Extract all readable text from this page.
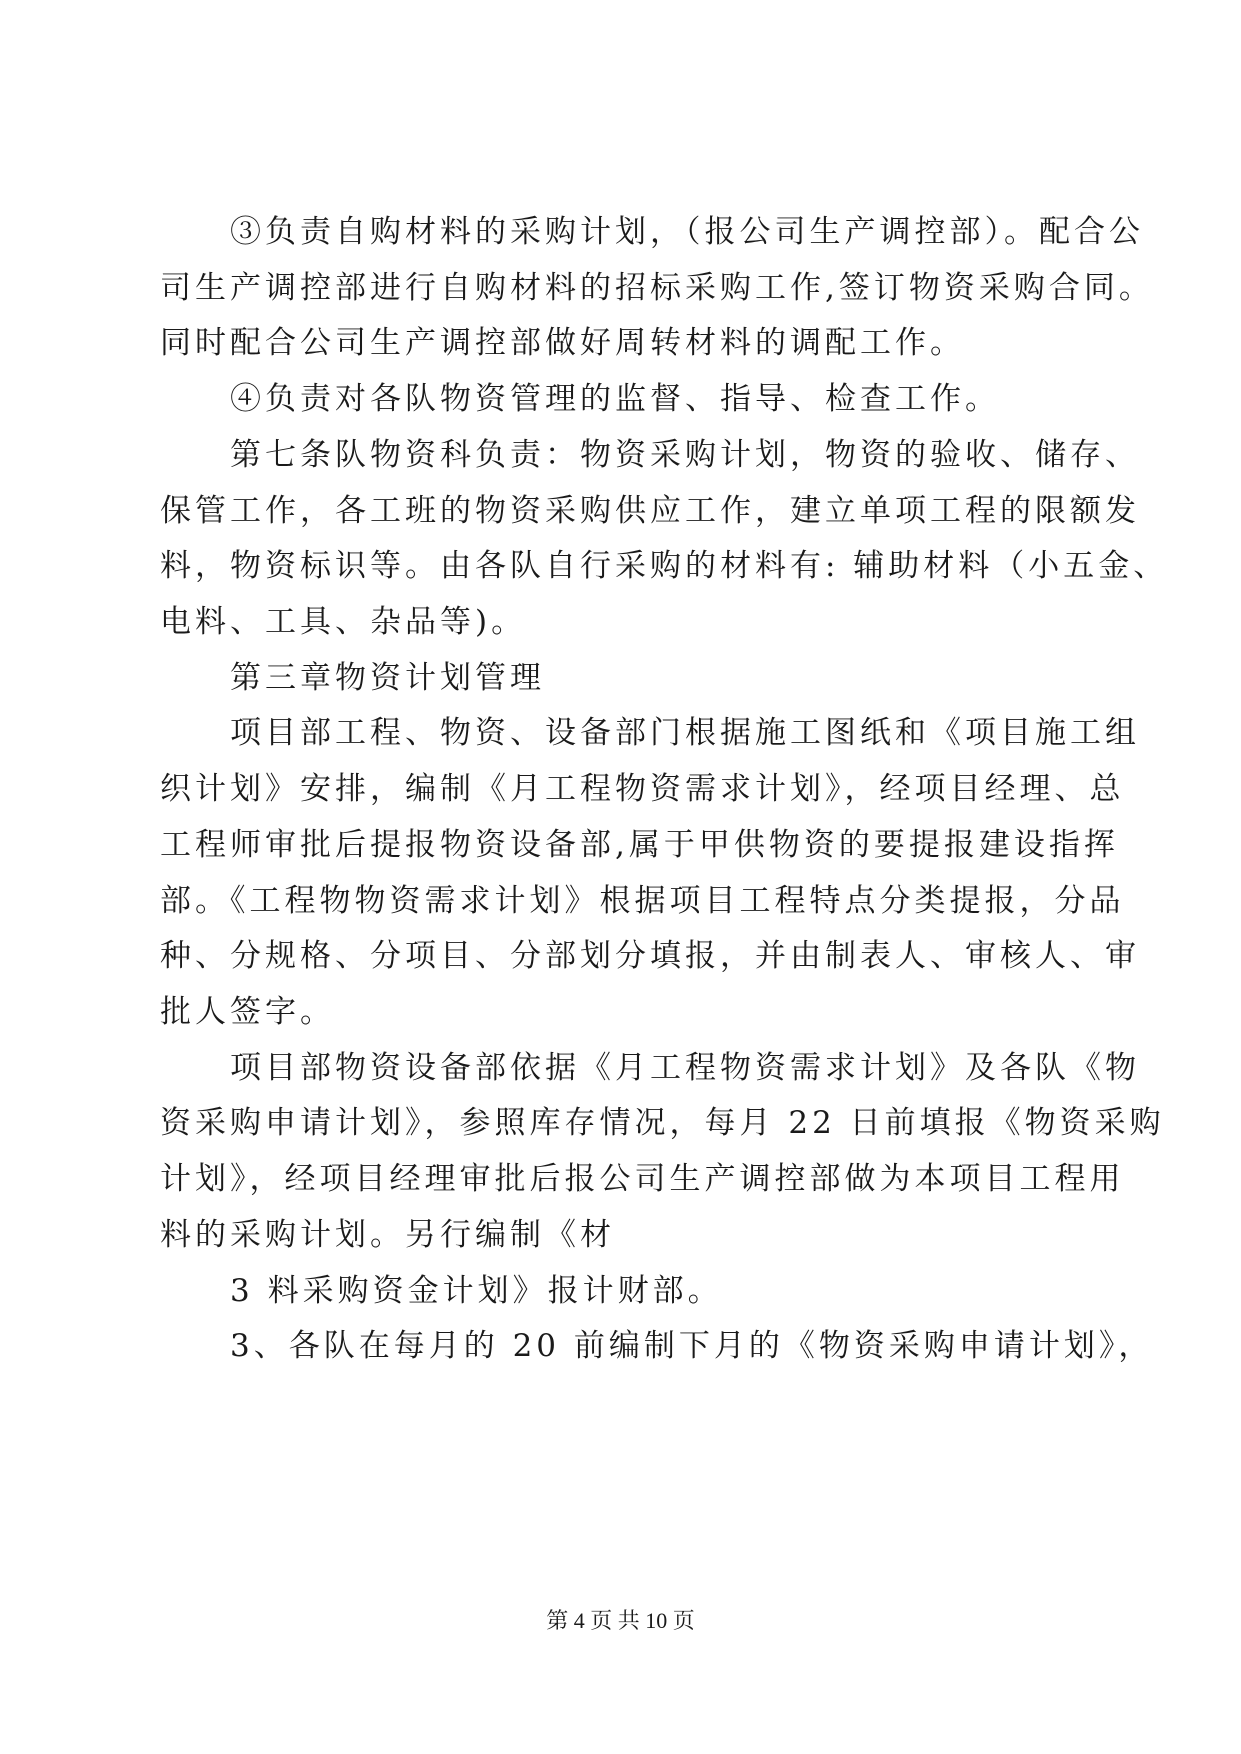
③负责自购材料的采购计划，（报公司生产调控部）。配合公
司生产调控部进行自购材料的招标采购工作,签订物资采购合同。
同时配合公司生产调控部做好周转材料的调配工作。
④负责对各队物资管理的监督、指导、检查工作。
第七条队物资科负责：物资采购计划，物资的验收、储存、
保管工作，各工班的物资采购供应工作，建立单项工程的限额发
料，物资标识等。由各队自行采购的材料有: 辅助材料（小五金、
电料、工具、杂品等)。
第三章物资计划管理
项目部工程、物资、设备部门根据施工图纸和《项目施工组
织计划》安排，编制《月工程物资需求计划》，经项目经理、总
工程师审批后提报物资设备部,属于甲供物资的要提报建设指挥
部。《工程物物资需求计划》根据项目工程特点分类提报，分品
种、分规格、分项目、分部划分填报，并由制表人、审核人、审
批人签字。
项目部物资设备部依据《月工程物资需求计划》及各队《物
资采购申请计划》，参照库存情况，每月 22 日前填报《物资采购
计划》，经项目经理审批后报公司生产调控部做为本项目工程用
料的采购计划。另行编制《材
3 料采购资金计划》报计财部。
3、各队在每月的 20 前编制下月的《物资采购申请计划》，
第 4 页 共 10 页
